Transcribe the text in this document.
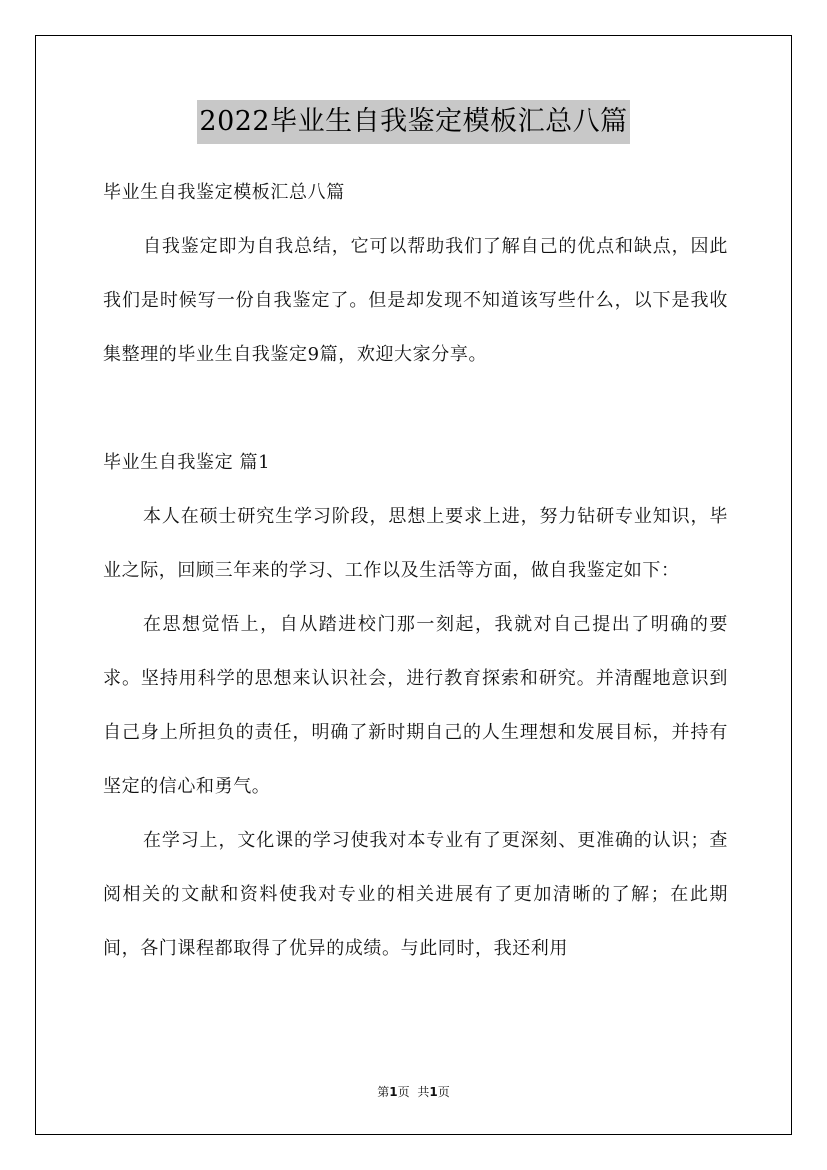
2022毕业生自我鉴定模板汇总八篇

毕业生自我鉴定模板汇总八篇

自我鉴定即为自我总结，它可以帮助我们了解自己的优点和缺点，因此我们是时候写一份自我鉴定了。但是却发现不知道该写些什么，以下是我收集整理的毕业生自我鉴定9篇，欢迎大家分享。

毕业生自我鉴定 篇1

本人在硕士研究生学习阶段，思想上要求上进，努力钻研专业知识，毕业之际，回顾三年来的学习、工作以及生活等方面，做自我鉴定如下：

在思想觉悟上，自从踏进校门那一刻起，我就对自己提出了明确的要求。坚持用科学的思想来认识社会，进行教育探索和研究。并清醒地意识到自己身上所担负的责任，明确了新时期自己的人生理想和发展目标，并持有坚定的信心和勇气。

在学习上，文化课的学习使我对本专业有了更深刻、更准确的认识；查阅相关的文献和资料使我对专业的相关进展有了更加清晰的了解；在此期间，各门课程都取得了优异的成绩。与此同时，我还利用

第1页 共1页
